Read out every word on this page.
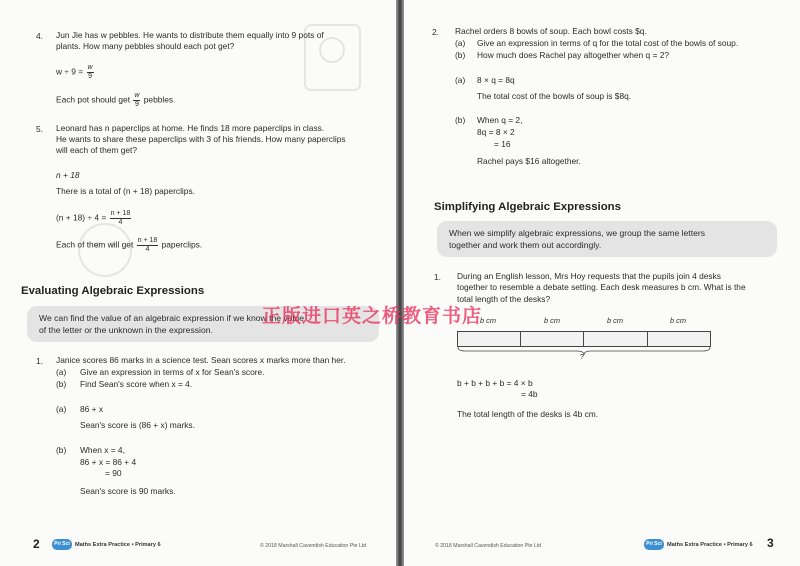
4. Jun Jie has w pebbles. He wants to distribute them equally into 9 pots of
plants. How many pebbles should each pot get?
$w \div 9 = \frac{w}{9}$
Each pot should get $\frac{w}{9}$ pebbles.
5. Leonard has n paperclips at home. He finds 18 more paperclips in class.
He wants to share these paperclips with 3 of his friends. How many paperclips
will each of them get?
n + 18
There is a total of (n + 18) paperclips.
$(n + 18) \div 4 = \frac{n + 18}{4}$
Each of them will get $\frac{n + 18}{4}$ paperclips.
Evaluating Algebraic Expressions
We can find the value of an algebraic expression if we know the value
of the letter or the unknown in the expression.
1. Janice scores 86 marks in a science test. Sean scores x marks more than her.
(a) Give an expression in terms of x for Sean's score.
(b) Find Sean's score when x = 4.
(a) 86 + x
Sean's score is (86 + x) marks.
(b) When x = 4,
86 + x = 86 + 4
= 90
Sean's score is 90 marks.
2	Pri Sci Maths Extra Practice • Primary 6	© 2018 Marshall Cavendish Education Pte Ltd
2. Rachel orders 8 bowls of soup. Each bowl costs $q.
(a) Give an expression in terms of q for the total cost of the bowls of soup.
(b) How much does Rachel pay altogether when q = 2?
(a) 8 × q = 8q
The total cost of the bowls of soup is $8q.
(b) When q = 2,
8q = 8 × 2
= 16
Rachel pays $16 altogether.
Simplifying Algebraic Expressions
When we simplify algebraic expressions, we group the same letters
together and work them out accordingly.
1. During an English lesson, Mrs Hoy requests that the pupils join 4 desks
together to resemble a debate setting. Each desk measures b cm. What is the
total length of the desks?
b + b + b + b = 4 × b
= 4b
The total length of the desks is 4b cm.
© 2018 Marshall Cavendish Education Pte Ltd	Pri Sci Maths Extra Practice • Primary 6 3
b cm	b cm	b cm	b cm
?
正版进口英之桥教育书店
